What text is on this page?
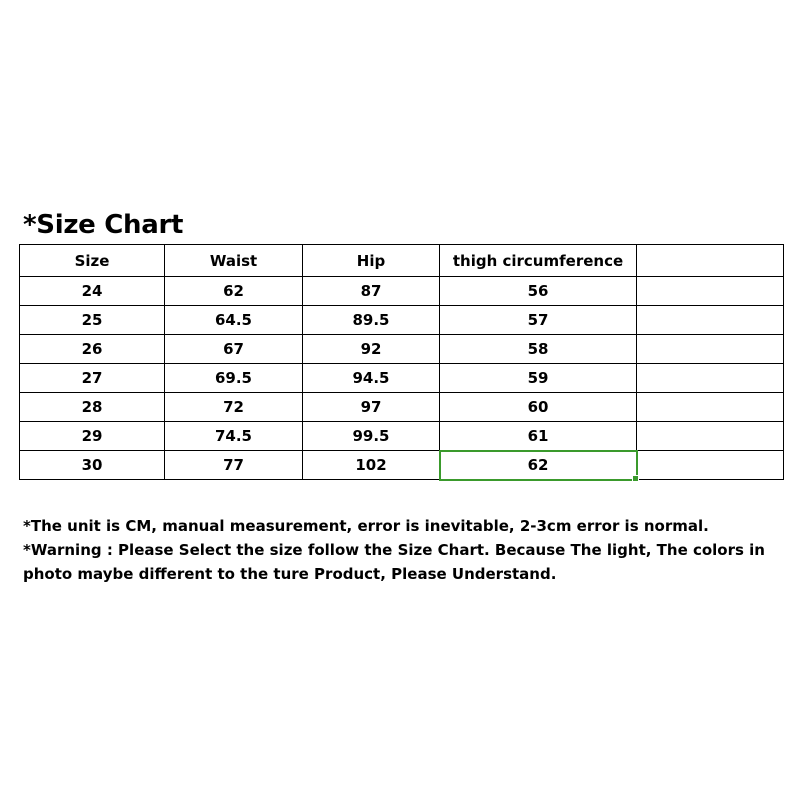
*Size Chart
Size	Waist	Hip	thigh circumference	
24	62	87	56	
25	64.5	89.5	57	
26	67	92	58	
27	69.5	94.5	59	
28	72	97	60	
29	74.5	99.5	61	
30	77	102	62

*The unit is CM, manual measurement, error is inevitable, 2-3cm error is normal.

*Warning : Please Select the size follow the Size Chart. Because The light, The colors in photo maybe different to the ture Product, Please Understand.
